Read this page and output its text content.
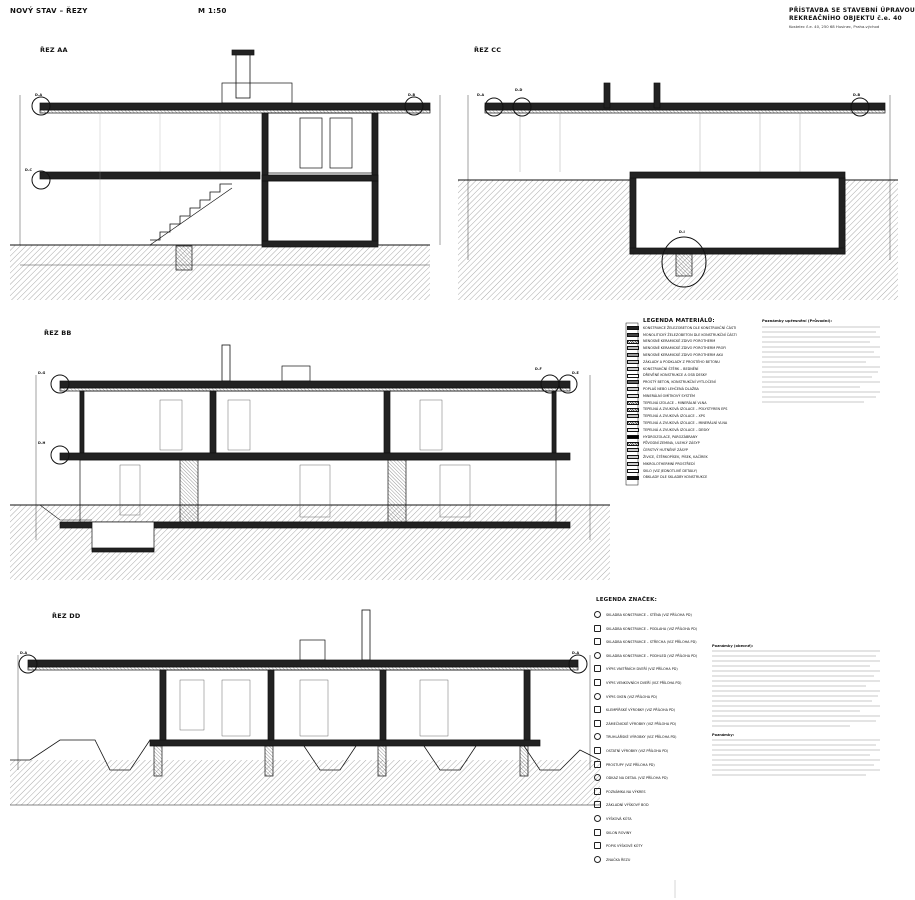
NOVÝ STAV – ŘEZY	M 1:50	PŘÍSTAVBA SE STAVEBNÍ ÚPRAVOU
REKREAČNÍHO OBJEKTU č.e. 40
Kostelec č.e. 40, 250 68 Husinec, Praha-východ
ŘEZ AA	ŘEZ CC
ŘEZ BB
ŘEZ DD
D–A	D–B
D–C
D–A
D–D
D–B
D–I
D–G
D–F
D–E
D–H
D–A	D–A
LEGENDA MATERIÁLŮ:
KONSTRUKCE ŽELEZOBETON DLE KONSTRUKČNÍ ČÁSTI
MONOLITICKÝ ŽELEZOBETON DLE KONSTRUKČNÍ ČÁSTI
NENOSNÉ KERAMICKÉ ZDIVO POROTHERM
NENOSNÉ KERAMICKÉ ZDIVO POROTHERM PROFI
NENOSNÉ KERAMICKÉ ZDIVO POROTHERM AKU
ZÁKLADY A PODKLADY Z PROSTÉHO BETONU
KONSTRUKČNÍ ŠTĚRK – BEDNĚNÍ
DŘEVĚNÉ KONSTRUKCE A OSB DESKY
PROSTÝ BETON, KONSTRUKČNÍ VYTLOČENÍ
POPLAŠ NEBO LEHČENÁ DLAŽBA
MINERÁLNÍ OMÍTKOVÝ SYSTÉM
TEPELNÁ IZOLACE – MINERÁLNÍ VLNA
TEPELNÁ A ZVUKOVÁ IZOLACE – POLYSTYREN EPS
TEPELNÁ A ZVUKOVÁ IZOLACE – XPS
TEPELNÁ A ZVUKOVÁ IZOLACE – MINERÁLNÍ VLNA
TEPELNÁ A ZVUKOVÁ IZOLACE – DESKY
HYDROIZOLACE, PAROZÁBRANY
PŮVODNÍ ZEMINA, ULEHLÝ ZÁSYP
ČERSTVÝ HUTNĚNÝ ZÁSYP
ŽIVICE, ŠTĚRKOPÍSEK, PÍSEK, KAČÍREK
MIKROLOTHERMNÍ PROSTŘEDÍ
SKLO (VIZ JEDNOTLIVÉ DETAILY)
OBKLADY DLE SKLADBY KONSTRUKCE
LEGENDA ZNAČEK:
SKLADBA KONSTRUKCE – STĚNA (VIZ PŘÍLOHA PD)
SKLADBA KONSTRUKCE – PODLAHA (VIZ PŘÍLOHA PD)
SKLADBA KONSTRUKCE – STŘECHA (VIZ PŘÍLOHA PD)
SKLADBA KONSTRUKCE – PODHLED (VIZ PŘÍLOHA PD)
VÝPIS VNITŘNÍCH DVEŘÍ (VIZ PŘÍLOHA PD)
VÝPIS VENKOVNÍCH DVEŘÍ (VIZ PŘÍLOHA PD)
VÝPIS OKEN (VIZ PŘÍLOHA PD)
KLEMPÍŘSKÉ VÝROBKY (VIZ PŘÍLOHA PD)
ZÁMEČNICKÉ VÝROBKY (VIZ PŘÍLOHA PD)
TRUHLÁŘSKÉ VÝROBKY (VIZ PŘÍLOHA PD)
OSTATNÍ VÝROBKY (VIZ PŘÍLOHA PD)
PROSTUPY (VIZ PŘÍLOHA PD)
ODKAZ NA DETAIL (VIZ PŘÍLOHA PD)
POZNÁMKA NA VÝKRES
ZÁKLADNÍ VÝŠKOVÝ BOD
VÝŠKOVÁ KÓTA
SKLON ROVINY
POPIS VÝŠKOVÉ KÓTY
ZNAČKA ŘEZU
Poznámky upřesnění (Průvodní):
Poznámky (obecné):
Poznámky:
